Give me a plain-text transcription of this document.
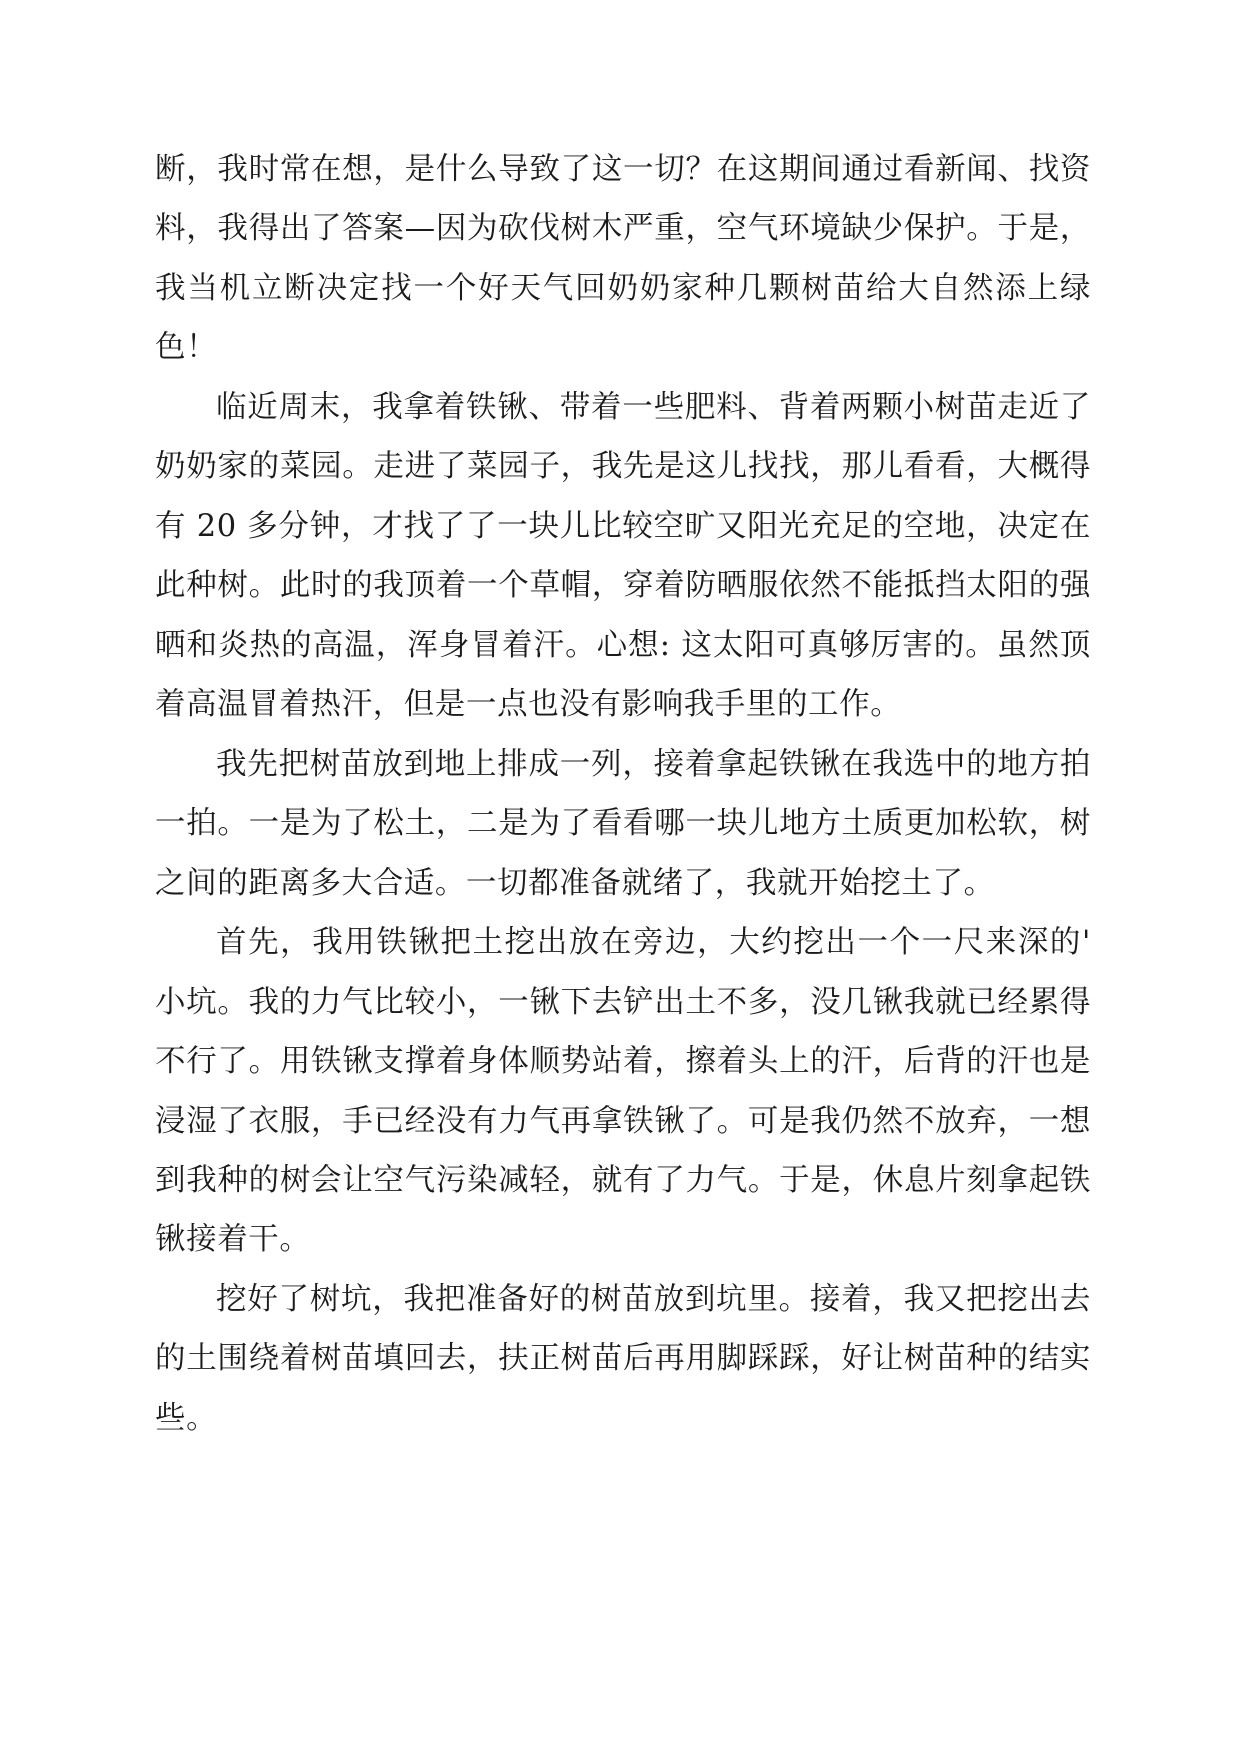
断，我时常在想，是什么导致了这一切？在这期间通过看新闻、找资料，我得出了答案—因为砍伐树木严重，空气环境缺少保护。于是，我当机立断决定找一个好天气回奶奶家种几颗树苗给大自然添上绿色！

临近周末，我拿着铁锹、带着一些肥料、背着两颗小树苗走近了奶奶家的菜园。走进了菜园子，我先是这儿找找，那儿看看，大概得有 20 多分钟，才找了了一块儿比较空旷又阳光充足的空地，决定在此种树。此时的我顶着一个草帽，穿着防晒服依然不能抵挡太阳的强晒和炎热的高温，浑身冒着汗。心想: 这太阳可真够厉害的。虽然顶着高温冒着热汗，但是一点也没有影响我手里的工作。

我先把树苗放到地上排成一列，接着拿起铁锹在我选中的地方拍一拍。一是为了松土，二是为了看看哪一块儿地方土质更加松软，树之间的距离多大合适。一切都准备就绪了，我就开始挖土了。

首先，我用铁锹把土挖出放在旁边，大约挖出一个一尺来深的' 小坑。我的力气比较小，一锹下去铲出土不多，没几锹我就已经累得不行了。用铁锹支撑着身体顺势站着，擦着头上的汗，后背的汗也是浸湿了衣服，手已经没有力气再拿铁锹了。可是我仍然不放弃，一想到我种的树会让空气污染减轻，就有了力气。于是，休息片刻拿起铁锹接着干。

挖好了树坑，我把准备好的树苗放到坑里。接着，我又把挖出去的土围绕着树苗填回去，扶正树苗后再用脚踩踩，好让树苗种的结实些。
